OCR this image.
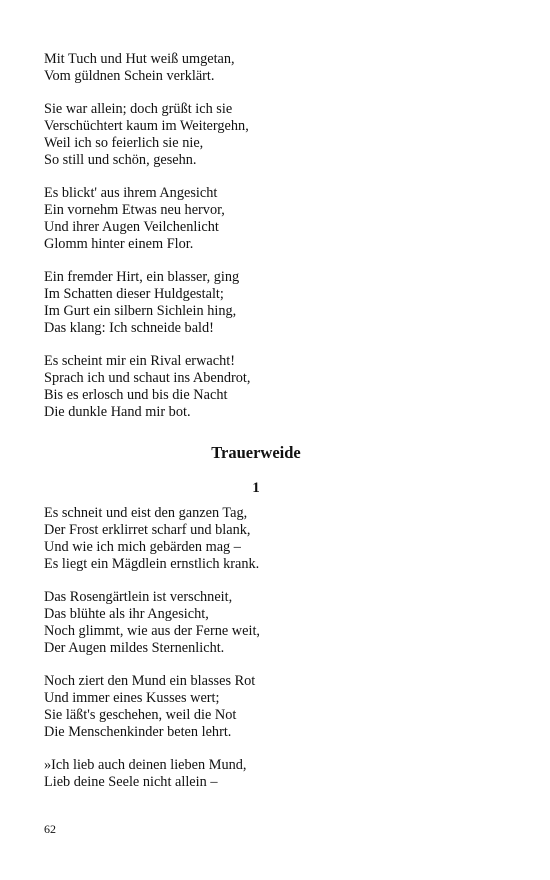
Mit Tuch und Hut weiß umgetan,
Vom güldnen Schein verklärt.
Sie war allein; doch grüßt ich sie
Verschüchtert kaum im Weitergehn,
Weil ich so feierlich sie nie,
So still und schön, gesehn.
Es blickt' aus ihrem Angesicht
Ein vornehm Etwas neu hervor,
Und ihrer Augen Veilchenlicht
Glomm hinter einem Flor.
Ein fremder Hirt, ein blasser, ging
Im Schatten dieser Huldgestalt;
Im Gurt ein silbern Sichlein hing,
Das klang: Ich schneide bald!
Es scheint mir ein Rival erwacht!
Sprach ich und schaut ins Abendrot,
Bis es erlosch und bis die Nacht
Die dunkle Hand mir bot.
Trauerweide
1
Es schneit und eist den ganzen Tag,
Der Frost erklirret scharf und blank,
Und wie ich mich gebärden mag –
Es liegt ein Mägdlein ernstlich krank.
Das Rosengärtlein ist verschneit,
Das blühte als ihr Angesicht,
Noch glimmt, wie aus der Ferne weit,
Der Augen mildes Sternenlicht.
Noch ziert den Mund ein blasses Rot
Und immer eines Kusses wert;
Sie läßt's geschehen, weil die Not
Die Menschenkinder beten lehrt.
»Ich lieb auch deinen lieben Mund,
Lieb deine Seele nicht allein –
62
